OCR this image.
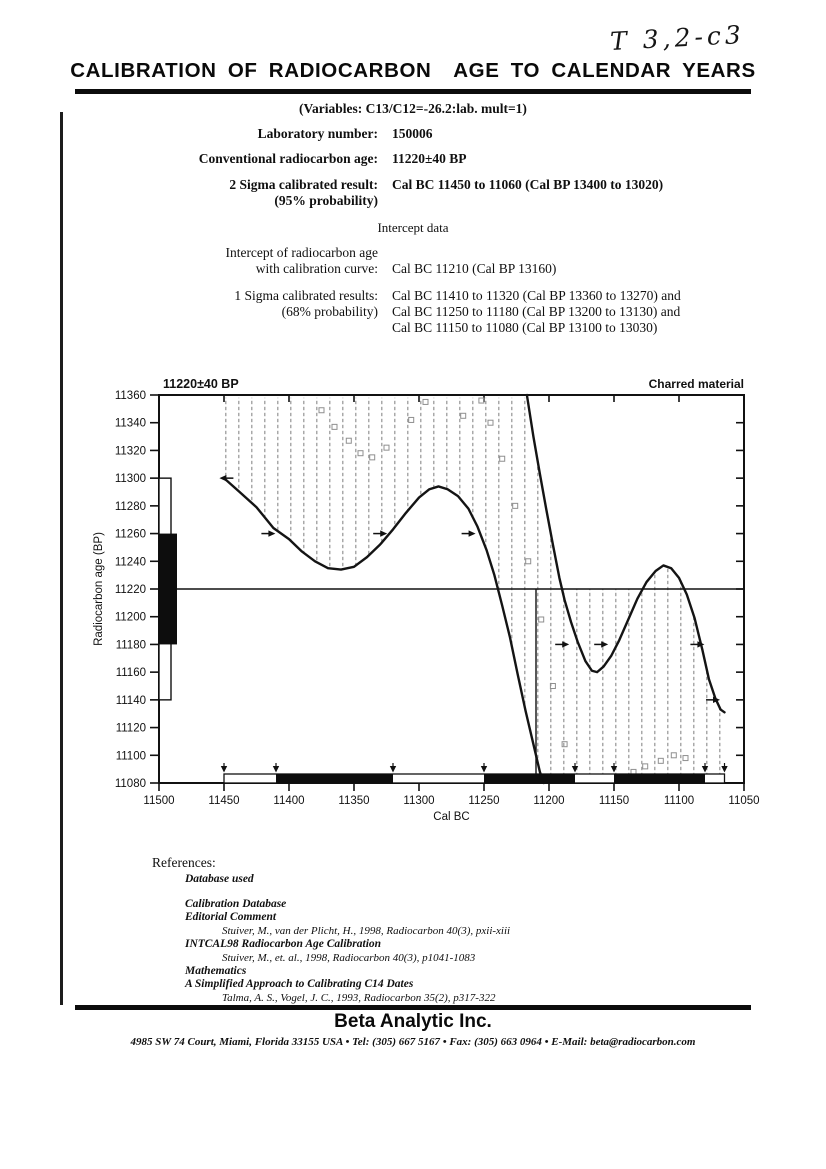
T 3,2-c3
CALIBRATION OF RADIOCARBON  AGE TO CALENDAR YEARS
(Variables: C13/C12=-26.2:lab. mult=1)
Laboratory number: 150006
Conventional radiocarbon age: 11220±40 BP
2 Sigma calibrated result: Cal BC 11450 to 11060 (Cal BP 13400 to 13020)
(95% probability)
Intercept data
Intercept of radiocarbon age
with calibration curve: Cal BC 11210 (Cal BP 13160)
1 Sigma calibrated results:
(68% probability)
Cal BC 11410 to 11320 (Cal BP 13360 to 13270) and
Cal BC 11250 to 11180 (Cal BP 13200 to 13130) and
Cal BC 11150 to 11080 (Cal BP 13100 to 13030)
11080
11100
11120
11140
11160
11180
11200
11220
11240
11260
11280
11300
11320
11340
11360
11500	11450	11400	11350	11300	11250	11200	11150	11100	11050
11220±40 BP	Charred material
Cal BC
Radiocarbon age (BP)
References:
Database used
Calibration Database
Editorial Comment
Stuiver, M., van der Plicht, H., 1998, Radiocarbon 40(3), pxii-xiii
INTCAL98 Radiocarbon Age Calibration
Stuiver, M., et. al., 1998, Radiocarbon 40(3), p1041-1083
Mathematics
A Simplified Approach to Calibrating C14 Dates
Talma, A. S., Vogel, J. C., 1993, Radiocarbon 35(2), p317-322
Beta Analytic Inc.
4985 SW 74 Court, Miami, Florida 33155 USA • Tel: (305) 667 5167 • Fax: (305) 663 0964 • E-Mail: beta@radiocarbon.com
